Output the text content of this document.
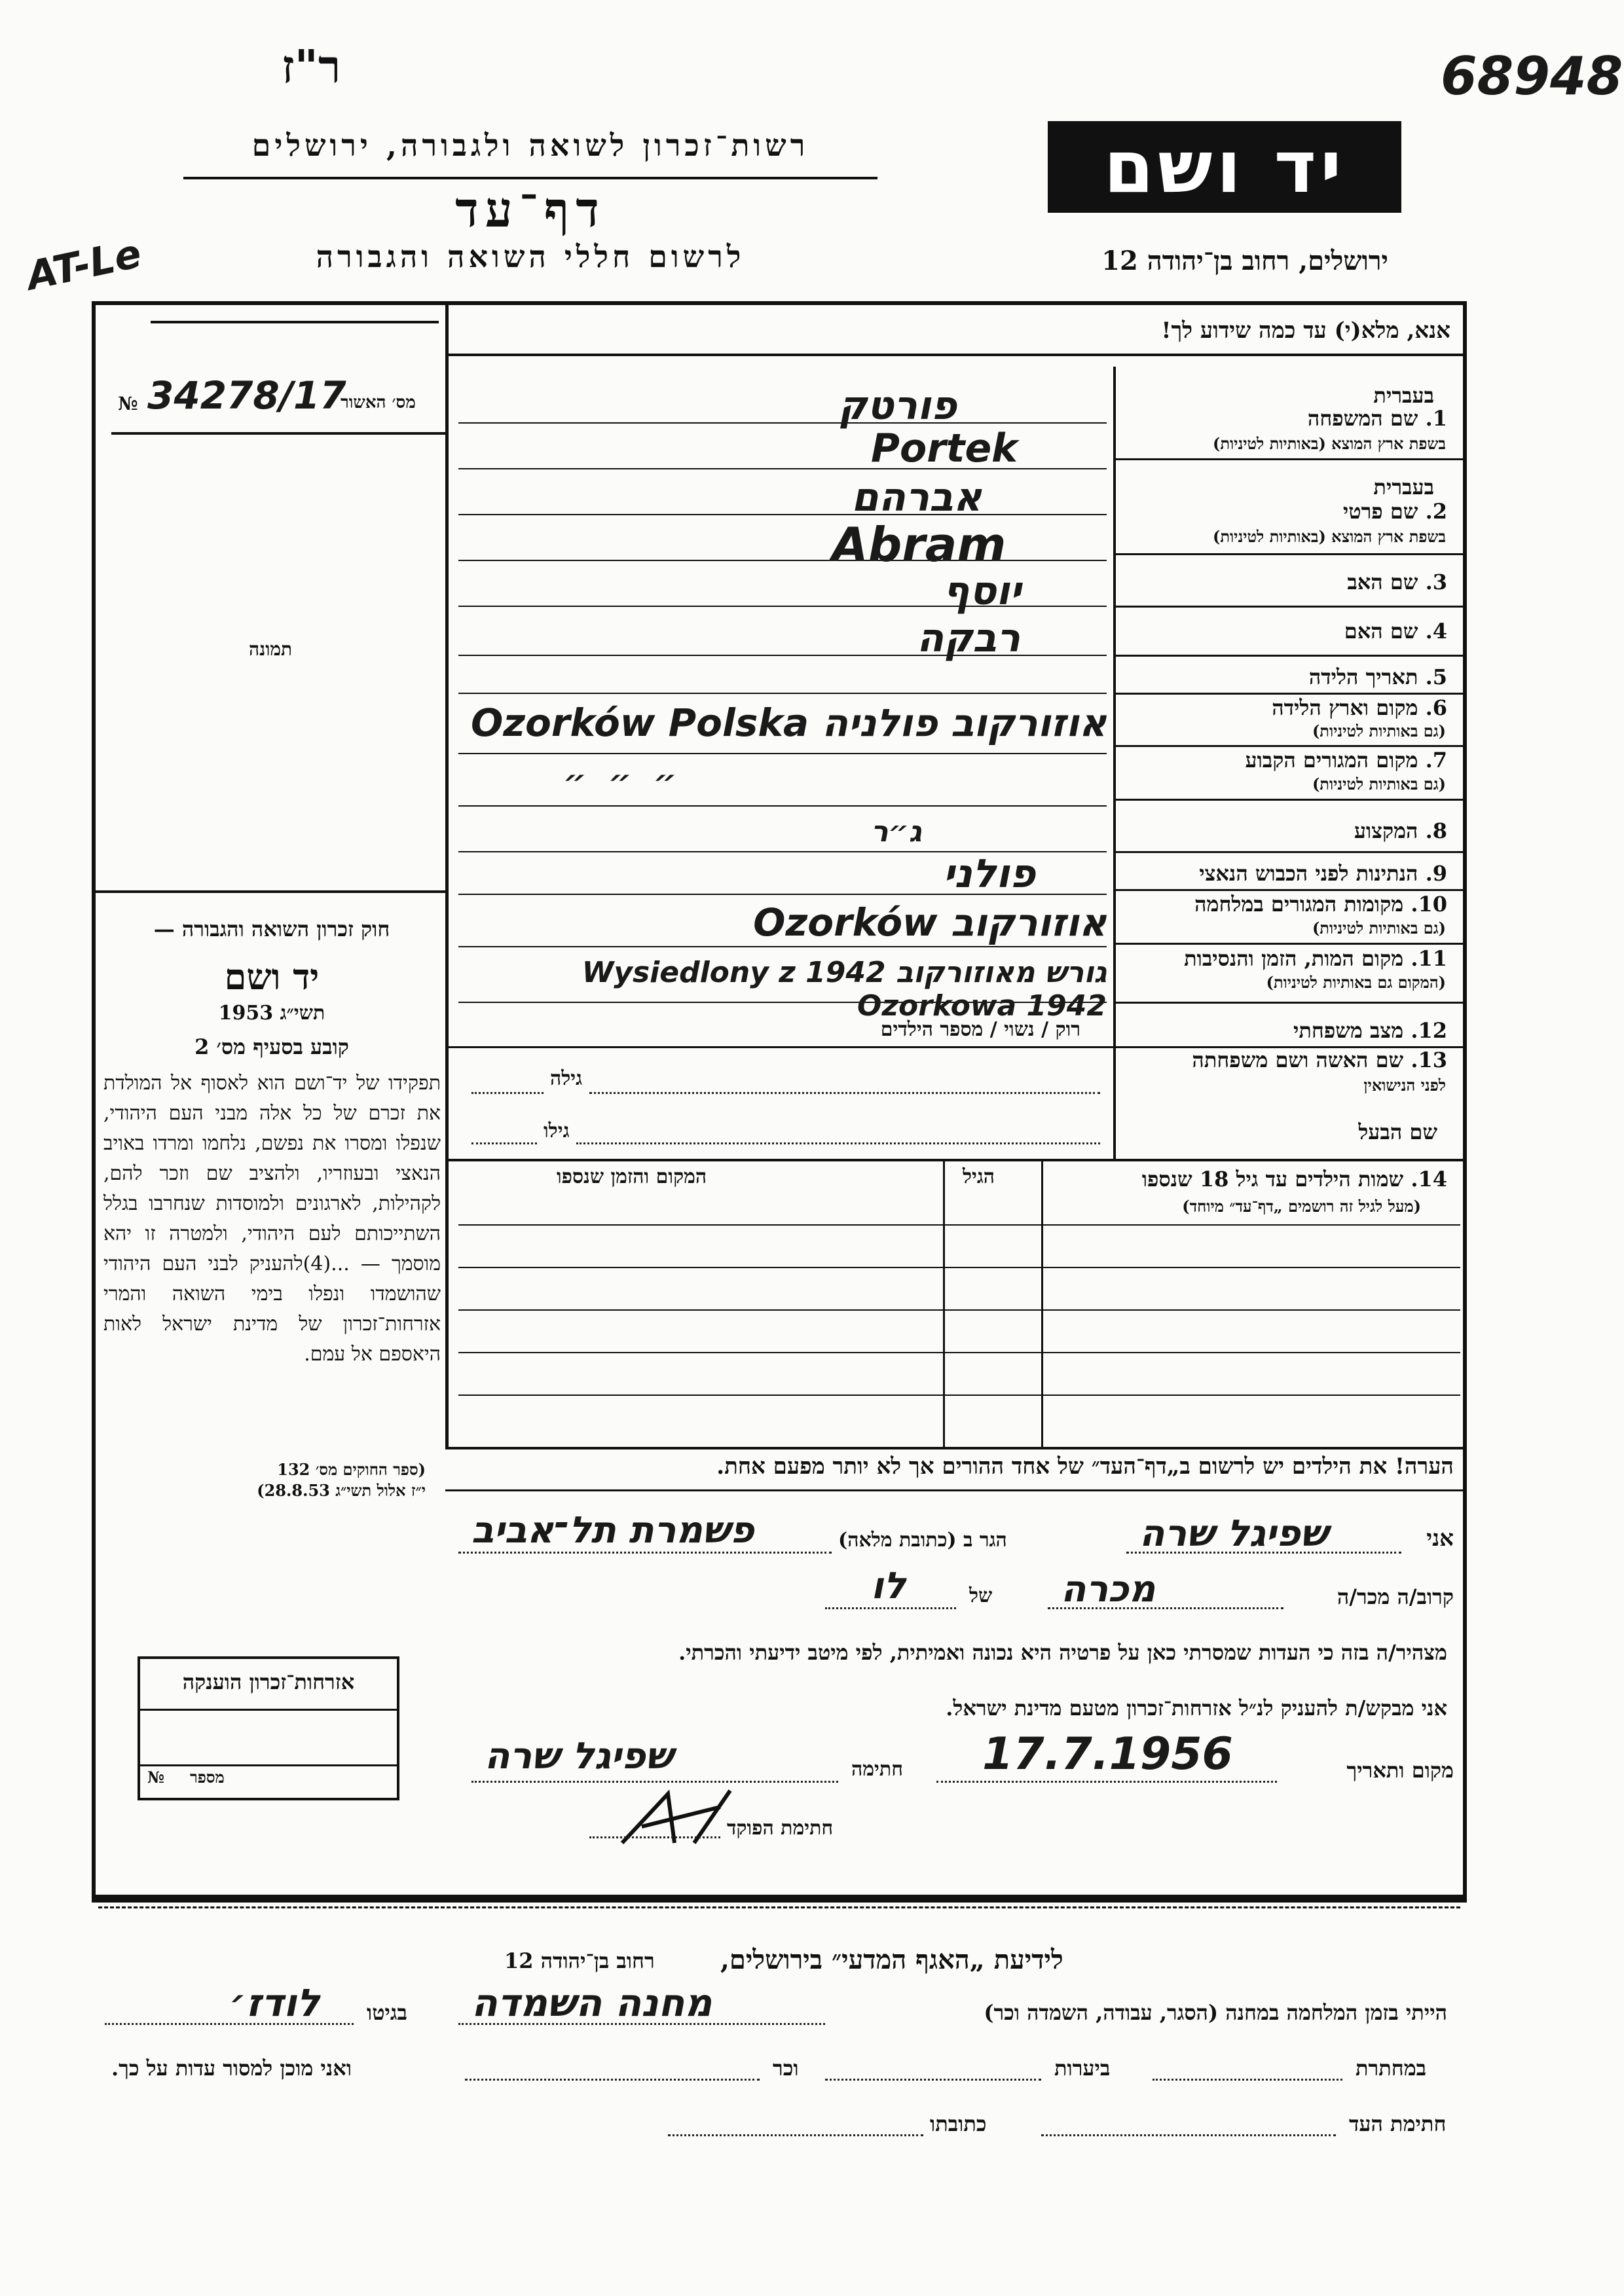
ר"ז	68948
AT-Le
רשות־זכרון לשואה ולגבורה, ירושלים
דף־עד
לרשום חללי השואה והגבורה
יד ושם
ירושלים, רחוב בן־יהודה 12
אנא, מלא(י) עד כמה שידוע לך!
מס׳ האשור
№ 34278/17
תמונה
בעברית
1. שם המשפחה
בשפת ארץ המוצא (באותיות לטיניות)
בעברית
2. שם פרטי
בשפת ארץ המוצא (באותיות לטיניות)
3. שם האב
4. שם האם
5. תאריך הלידה
6. מקום וארץ הלידה
(גם באותיות לטיניות)
7. מקום המגורים הקבוע
(גם באותיות לטיניות)
8. המקצוע
9. הנתינות לפני הכבוש הנאצי
10. מקומות המגורים במלחמה
(גם באותיות לטיניות)
11. מקום המות, הזמן והנסיבות
(המקום גם באותיות לטיניות)
12. מצב משפחתי
13. שם האשה ושם משפחתה
לפני הנישואין
שם הבעל
פורטק
Portek
אברהם
Abram
יוסף
רבקה
אוזורקוב פולניה Ozorków Polska
״ ״ ״
ג״ר
פולני
אוזורקוב Ozorków
גורש מאוזורקוב 1942 Wysiedlony z Ozorkowa 1942
רוק / נשוי / מספר הילדים
גילה
גילו
14. שמות הילדים עד גיל 18 שנספו
(מעל לגיל זה רושמים „דף־עד״ מיוחד)
הגיל
המקום והזמן שנספו
חוק זכרון השואה והגבורה —
יד ושם
תשי״ג 1953
קובע בסעיף מס׳ 2
תפקידו של יד־ושם הוא לאסוף אל המולדת את זכרם של כל אלה מבני העם היהודי, שנפלו ומסרו את נפשם, נלחמו ומרדו באויב הנאצי ובעוזריו, ולהציב שם וזכר להם, לקהילות, לארגונים ולמוסדות שנחרבו בגלל השתייכותם לעם היהודי, ולמטרה זו יהא מוסמך — ...(4)להעניק לבני העם היהודי שהושמדו ונפלו בימי השואה והמרי אזרחות־זכרון של מדינת ישראל לאות היאספם אל עמם.
(ספר החוקים מס׳ 132
י״ז אלול תשי״ג 28.8.53)
אזרחות־זכרון הוענקה
מספר
№
הערה! את הילדים יש לרשום ב„דף־העד״ של אחד ההורים אך לא יותר מפעם אחת.
אני
שפיגל שרה
הגר ב (כתובת מלאה)
פשמרת תל־אביב
קרוב/ה מכר/ה
מכרה
של
לו
מצהיר/ה בזה כי העדות שמסרתי כאן על פרטיה היא נכונה ואמיתית, לפי מיטב ידיעתי והכרתי.
אני מבקש/ת להעניק לנ״ל אזרחות־זכרון מטעם מדינת ישראל.
מקום ותאריך
17.7.1956
חתימה
שפיגל שרה
חתימת הפוקד
לידיעת „האגף המדעי״ בירושלים,
רחוב בן־יהודה 12
הייתי בזמן המלחמה במחנה (הסגר, עבודה, השמדה וכר)
מחנה השמדה
בגיטו
לודז׳
במחתרת
ביערות
וכר
ואני מוכן למסור עדות על כך.
חתימת העד
כתובתו
